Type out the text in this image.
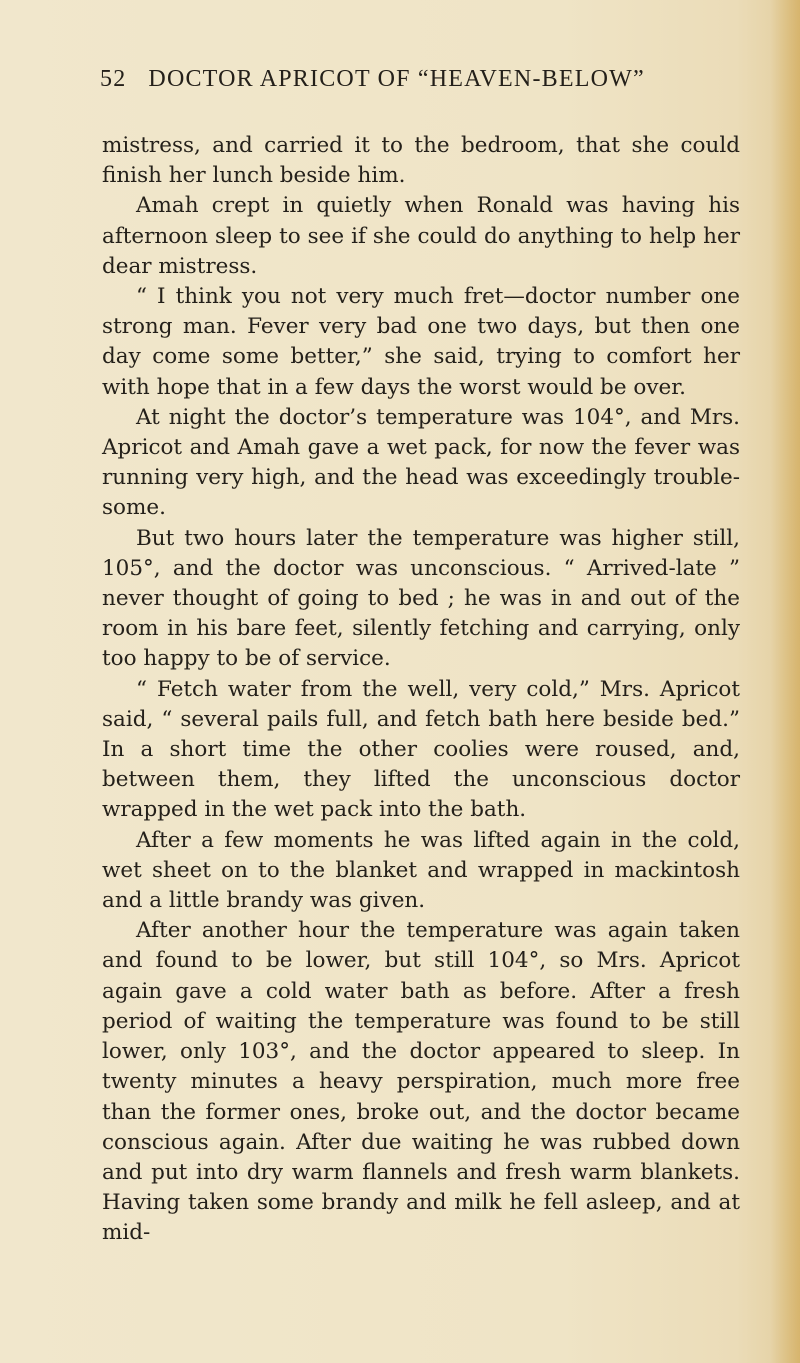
52 DOCTOR APRICOT OF “HEAVEN-BELOW”

mistress, and carried it to the bedroom, that she could finish her lunch beside him.

Amah crept in quietly when Ronald was having his afternoon sleep to see if she could do anything to help her dear mistress.

“ I think you not very much fret—doctor number one strong man. Fever very bad one two days, but then one day come some better,” she said, trying to comfort her with hope that in a few days the worst would be over.

At night the doctor’s temperature was 104°, and Mrs. Apricot and Amah gave a wet pack, for now the fever was running very high, and the head was exceedingly trouble-some.

But two hours later the temperature was higher still, 105°, and the doctor was unconscious. “ Arrived-late ” never thought of going to bed ; he was in and out of the room in his bare feet, silently fetching and carrying, only too happy to be of service.

“ Fetch water from the well, very cold,” Mrs. Apricot said, “ several pails full, and fetch bath here beside bed.” In a short time the other coolies were roused, and, between them, they lifted the unconscious doctor wrapped in the wet pack into the bath.

After a few moments he was lifted again in the cold, wet sheet on to the blanket and wrapped in mackintosh and a little brandy was given.

After another hour the temperature was again taken and found to be lower, but still 104°, so Mrs. Apricot again gave a cold water bath as before. After a fresh period of waiting the temperature was found to be still lower, only 103°, and the doctor appeared to sleep. In twenty minutes a heavy perspiration, much more free than the former ones, broke out, and the doctor became conscious again. After due waiting he was rubbed down and put into dry warm flannels and fresh warm blankets. Having taken some brandy and milk he fell asleep, and at mid-
